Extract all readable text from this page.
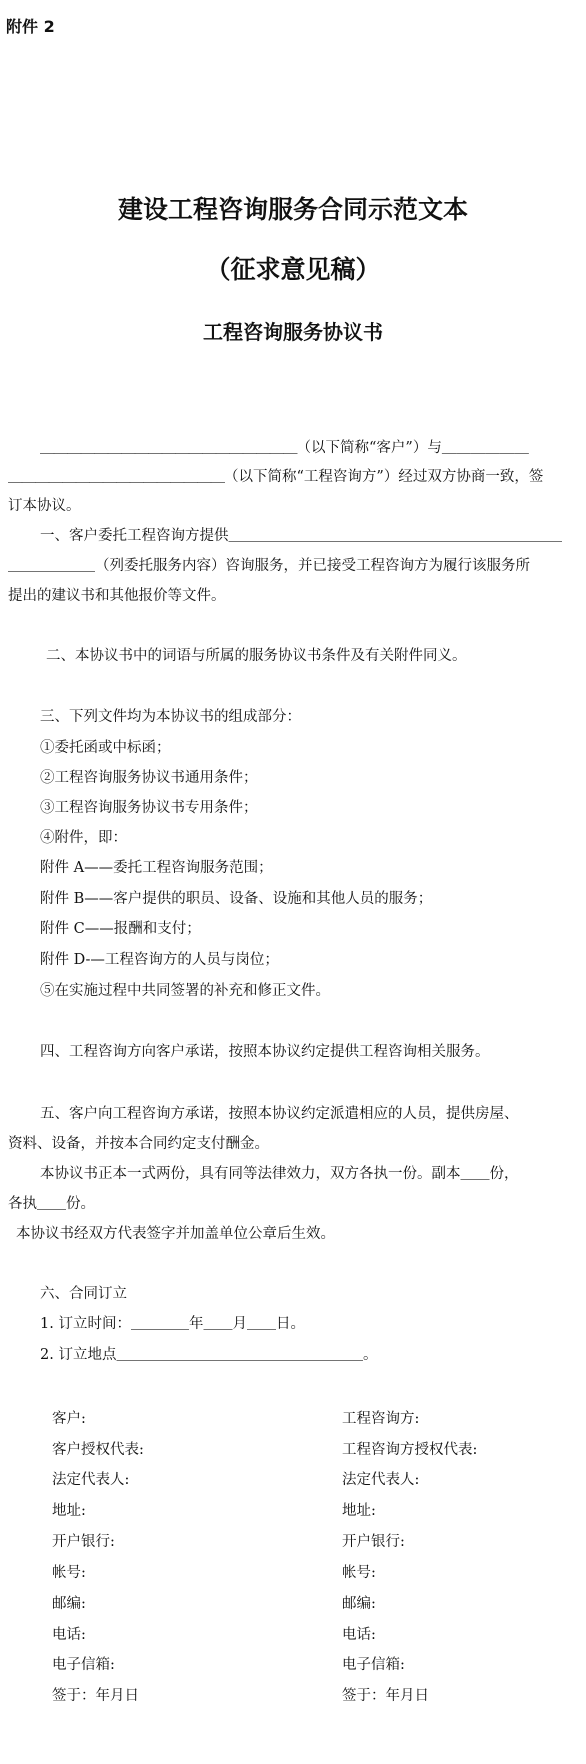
附件 2
建设工程咨询服务合同示范文本
（征求意见稿）
工程咨询服务协议书
＿＿＿＿＿＿＿＿＿＿＿＿＿＿＿＿＿＿＿（以下简称“客户”）与＿＿＿＿＿＿
＿＿＿＿＿＿＿＿＿＿＿＿＿＿＿＿（以下简称“工程咨询方”）经过双方协商一致，签
订本协议。
一、客户委托工程咨询方提供＿＿＿＿＿＿＿＿＿＿＿＿＿＿＿＿＿＿＿＿＿＿＿
＿＿＿＿＿＿（列委托服务内容）咨询服务，并已接受工程咨询方为履行该服务所
提出的建议书和其他报价等文件。
二、本协议书中的词语与所属的服务协议书条件及有关附件同义。
三、下列文件均为本协议书的组成部分：
①委托函或中标函；
②工程咨询服务协议书通用条件；
③工程咨询服务协议书专用条件；
④附件，即：
附件 A——委托工程咨询服务范围；
附件 B——客户提供的职员、设备、设施和其他人员的服务；
附件 C——报酬和支付；
附件 D-—工程咨询方的人员与岗位；
⑤在实施过程中共同签署的补充和修正文件。
四、工程咨询方向客户承诺，按照本协议约定提供工程咨询相关服务。
五、客户向工程咨询方承诺，按照本协议约定派遣相应的人员，提供房屋、
资料、设备，并按本合同约定支付酬金。
本协议书正本一式两份，具有同等法律效力，双方各执一份。副本＿＿份，
各执＿＿份。
本协议书经双方代表签字并加盖单位公章后生效。
六、合同订立
1. 订立时间：＿＿＿＿年＿＿月＿＿日。
2. 订立地点＿＿＿＿＿＿＿＿＿＿＿＿＿＿＿＿＿。
客户:
客户授权代表:
法定代表人:
地址:
开户银行:
帐号:
邮编:
电话:
电子信箱:
签于：年月日
工程咨询方:
工程咨询方授权代表:
法定代表人:
地址:
开户银行:
帐号:
邮编:
电话:
电子信箱:
签于：年月日
